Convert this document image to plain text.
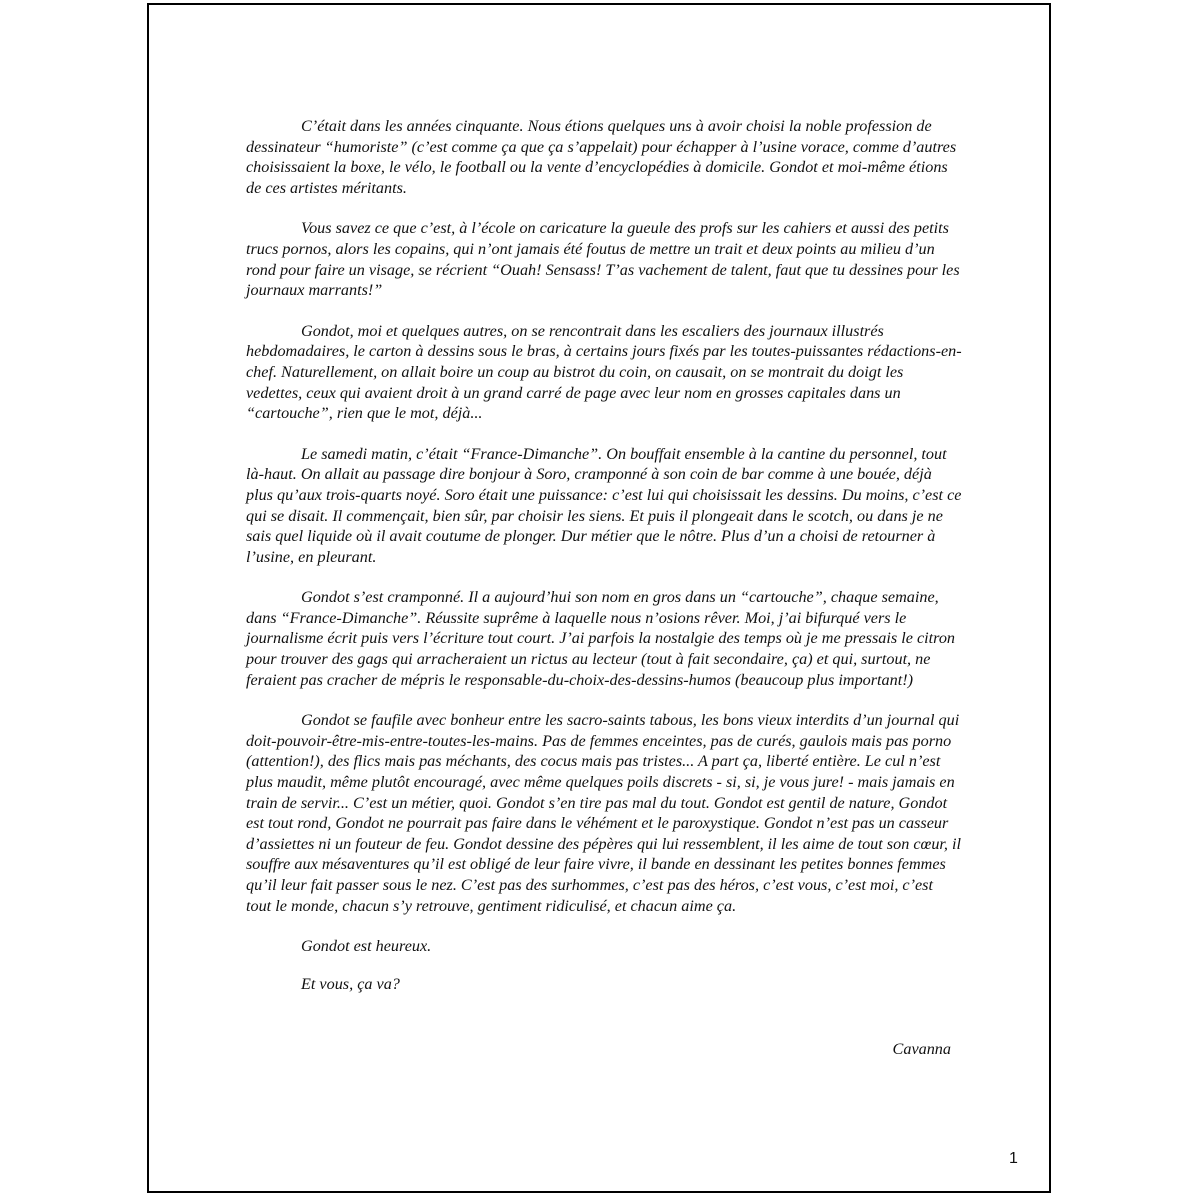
C’était dans les années cinquante. Nous étions quelques uns à avoir choisi la noble profession de dessinateur “humoriste” (c’est comme ça que ça s’appelait) pour échapper à l’usine vorace, comme d’autres choisissaient la boxe, le vélo, le football ou la vente d’encyclopédies à domicile. Gondot et moi-même étions de ces artistes méritants.

Vous savez ce que c’est, à l’école on caricature la gueule des profs sur les cahiers et aussi des petits trucs pornos, alors les copains, qui n’ont jamais été foutus de mettre un trait et deux points au milieu d’un rond pour faire un visage, se récrient “Ouah! Sensass! T’as vachement de talent, faut que tu dessines pour les journaux marrants!”

Gondot, moi et quelques autres, on se rencontrait dans les escaliers des journaux illustrés hebdomadaires, le carton à dessins sous le bras, à certains jours fixés par les toutes-puissantes rédactions-en-chef. Naturellement, on allait boire un coup au bistrot du coin, on causait, on se montrait du doigt les vedettes, ceux qui avaient droit à un grand carré de page avec leur nom en grosses capitales dans un “cartouche”, rien que le mot, déjà...

Le samedi matin, c’était “France-Dimanche”. On bouffait ensemble à la cantine du personnel, tout là-haut. On allait au passage dire bonjour à Soro, cramponné à son coin de bar comme à une bouée, déjà plus qu’aux trois-quarts noyé. Soro était une puissance: c’est lui qui choisissait les dessins. Du moins, c’est ce qui se disait. Il commençait, bien sûr, par choisir les siens. Et puis il plongeait dans le scotch, ou dans je ne sais quel liquide où il avait coutume de plonger. Dur métier que le nôtre. Plus d’un a choisi de retourner à l’usine, en pleurant.

Gondot s’est cramponné. Il a aujourd’hui son nom en gros dans un “cartouche”, chaque semaine, dans “France-Dimanche”. Réussite suprême à laquelle nous n’osions rêver. Moi, j’ai bifurqué vers le journalisme écrit puis vers l’écriture tout court. J’ai parfois la nostalgie des temps où je me pressais le citron pour trouver des gags qui arracheraient un rictus au lecteur (tout à fait secondaire, ça) et qui, surtout, ne feraient pas cracher de mépris le responsable-du-choix-des-dessins-humos (beaucoup plus important!)

Gondot se faufile avec bonheur entre les sacro-saints tabous, les bons vieux interdits d’un journal qui doit-pouvoir-être-mis-entre-toutes-les-mains. Pas de femmes enceintes, pas de curés, gaulois mais pas porno (attention!), des flics mais pas méchants, des cocus mais pas tristes... A part ça, liberté entière. Le cul n’est plus maudit, même plutôt encouragé, avec même quelques poils discrets - si, si, je vous jure! - mais jamais en train de servir... C’est un métier, quoi. Gondot s’en tire pas mal du tout. Gondot est gentil de nature, Gondot est tout rond, Gondot ne pourrait pas faire dans le véhément et le paroxystique. Gondot n’est pas un casseur d’assiettes ni un fouteur de feu. Gondot dessine des pépères qui lui ressemblent, il les aime de tout son cœur, il souffre aux mésaventures qu’il est obligé de leur faire vivre, il bande en dessinant les petites bonnes femmes qu’il leur fait passer sous le nez. C’est pas des surhommes, c’est pas des héros, c’est vous, c’est moi, c’est tout le monde, chacun s’y retrouve, gentiment ridiculisé, et chacun aime ça.

Gondot est heureux.

Et vous, ça va?

Cavanna
1
